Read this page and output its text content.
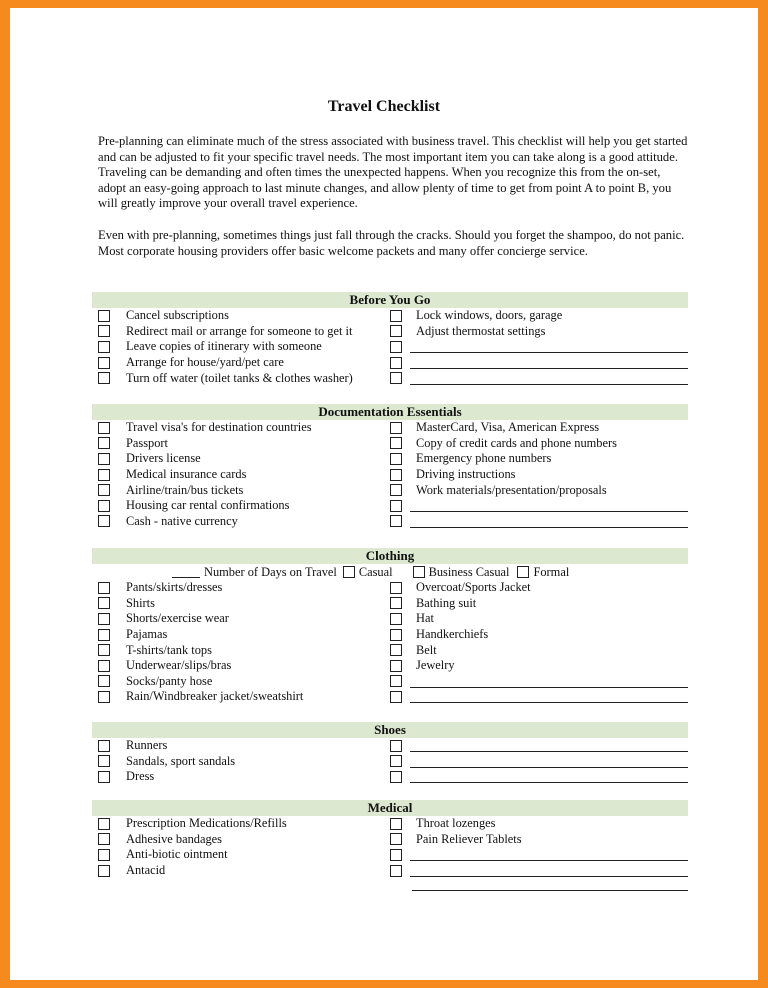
Travel Checklist

Pre-planning can eliminate much of the stress associated with business travel. This checklist will help you get started and can be adjusted to fit your specific travel needs. The most important item you can take along is a good attitude. Traveling can be demanding and often times the unexpected happens. When you recognize this from the on-set, adopt an easy-going approach to last minute changes, and allow plenty of time to get from point A to point B, you will greatly improve your overall travel experience.

Even with pre-planning, sometimes things just fall through the cracks. Should you forget the shampoo, do not panic. Most corporate housing providers offer basic welcome packets and many offer concierge service.

Before You Go
Cancel subscriptions
Redirect mail or arrange for someone to get it
Leave copies of itinerary with someone
Arrange for house/yard/pet care
Turn off water (toilet tanks & clothes washer)
Lock windows, doors, garage
Adjust thermostat settings
Documentation Essentials
Travel visa's for destination countries
Passport
Drivers license
Medical insurance cards
Airline/train/bus tickets
Housing car rental confirmations
Cash - native currency
MasterCard, Visa, American Express
Copy of credit cards and phone numbers
Emergency phone numbers
Driving instructions
Work materials/presentation/proposals
Clothing
Number of Days on Travel Casual	Business Casual Formal
Pants/skirts/dresses
Shirts
Shorts/exercise wear
Pajamas
T-shirts/tank tops
Underwear/slips/bras
Socks/panty hose
Rain/Windbreaker jacket/sweatshirt
Overcoat/Sports Jacket
Bathing suit
Hat
Handkerchiefs
Belt
Jewelry
Shoes
Runners
Sandals, sport sandals
Dress
Medical
Prescription Medications/Refills
Adhesive bandages
Anti-biotic ointment
Antacid
Throat lozenges
Pain Reliever Tablets
